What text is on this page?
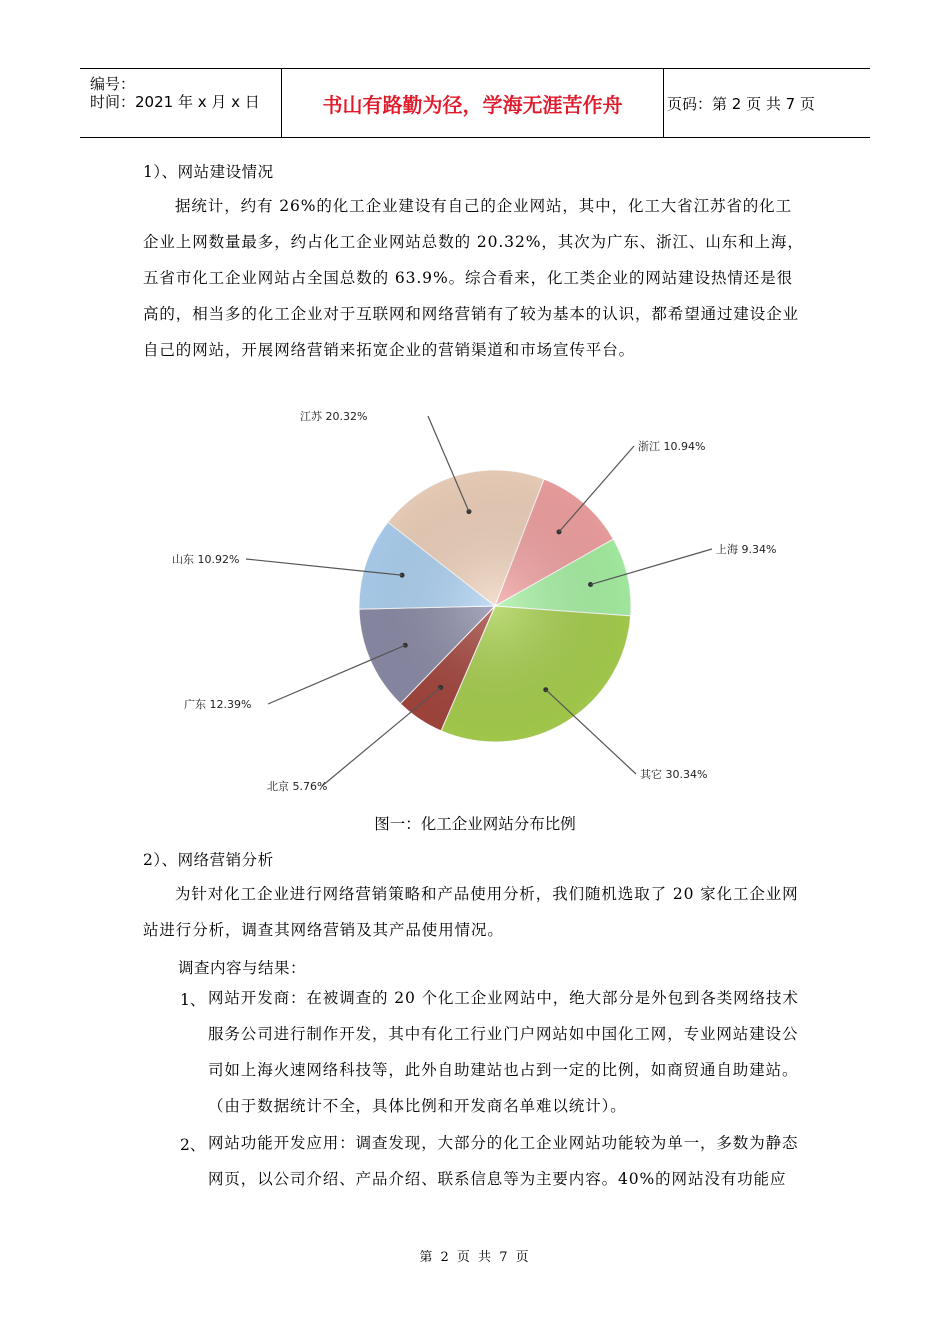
编号：
时间：2021 年 x 月 x 日	书山有路勤为径，学海无涯苦作舟	页码：第 2 页 共 7 页
1）、网站建设情况
据统计，约有 26%的化工企业建设有自己的企业网站，其中，化工大省江苏省的化工企业上网数量最多，约占化工企业网站总数的 20.32%，其次为广东、浙江、山东和上海，五省市化工企业网站占全国总数的 63.9%。综合看来，化工类企业的网站建设热情还是很高的，相当多的化工企业对于互联网和网络营销有了较为基本的认识，都希望通过建设企业自己的网站，开展网络营销来拓宽企业的营销渠道和市场宣传平台。
江苏 20.32%
浙江 10.94%
上海 9.34%
其它 30.34%
北京 5.76%
广东 12.39%
山东 10.92%
图一：化工企业网站分布比例
2）、网络营销分析
为针对化工企业进行网络营销策略和产品使用分析，我们随机选取了 20 家化工企业网站进行分析，调查其网络营销及其产品使用情况。
调查内容与结果：
1、 网站开发商：在被调查的 20 个化工企业网站中，绝大部分是外包到各类网络技术服务公司进行制作开发，其中有化工行业门户网站如中国化工网，专业网站建设公司如上海火速网络科技等，此外自助建站也占到一定的比例，如商贸通自助建站。（由于数据统计不全，具体比例和开发商名单难以统计）。
2、 网站功能开发应用：调查发现，大部分的化工企业网站功能较为单一，多数为静态网页，以公司介绍、产品介绍、联系信息等为主要内容。40%的网站没有功能应
第 2 页 共 7 页
